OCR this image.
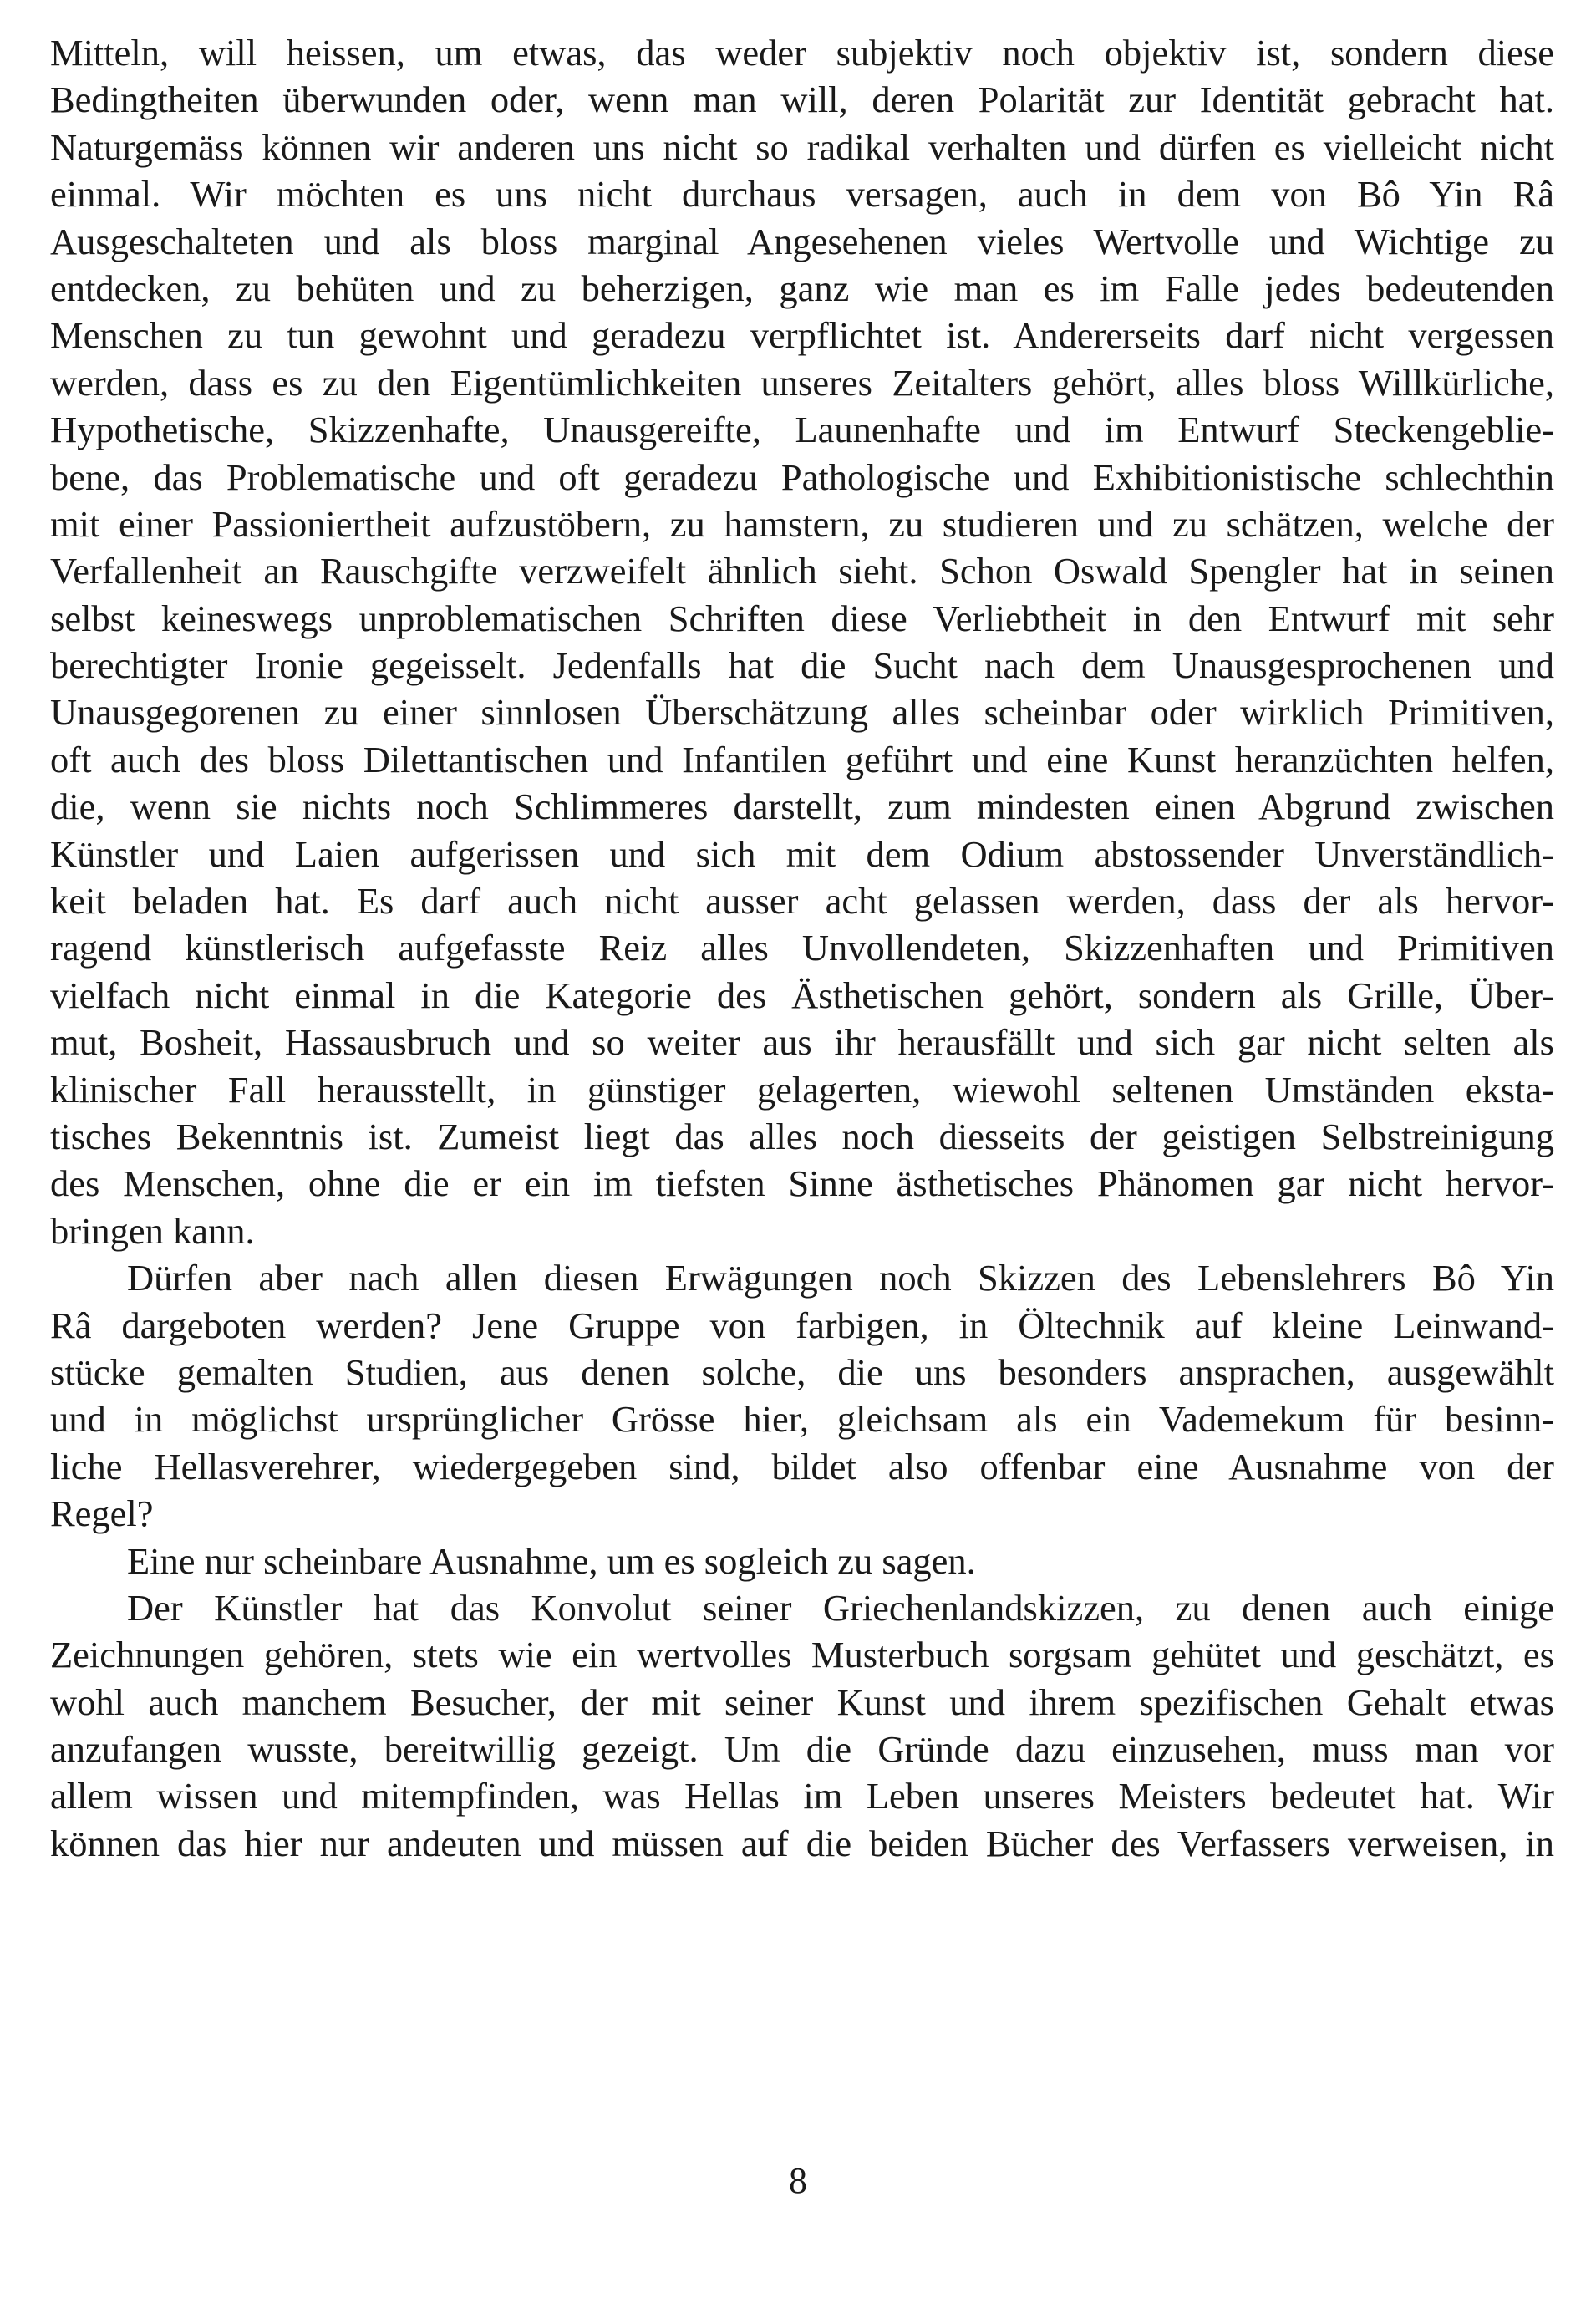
Mitteln, will heissen, um etwas, das weder subjektiv noch objektiv ist, sondern diese
Bedingtheiten überwunden oder, wenn man will, deren Polarität zur Identität gebracht hat.
Naturgemäss können wir anderen uns nicht so radikal verhalten und dürfen es vielleicht nicht
einmal. Wir möchten es uns nicht durchaus versagen, auch in dem von Bô Yin Râ
Ausgeschalteten und als bloss marginal Angesehenen vieles Wertvolle und Wichtige zu
entdecken, zu behüten und zu beherzigen, ganz wie man es im Falle jedes bedeutenden
Menschen zu tun gewohnt und geradezu verpflichtet ist. Andererseits darf nicht vergessen
werden, dass es zu den Eigentümlichkeiten unseres Zeitalters gehört, alles bloss Willkürliche,
Hypothetische, Skizzenhafte, Unausgereifte, Launenhafte und im Entwurf Steckengeblie-
bene, das Problematische und oft geradezu Pathologische und Exhibitionistische schlechthin
mit einer Passioniertheit aufzustöbern, zu hamstern, zu studieren und zu schätzen, welche der
Verfallenheit an Rauschgifte verzweifelt ähnlich sieht. Schon Oswald Spengler hat in seinen
selbst keineswegs unproblematischen Schriften diese Verliebtheit in den Entwurf mit sehr
berechtigter Ironie gegeisselt. Jedenfalls hat die Sucht nach dem Unausgesprochenen und
Unausgegorenen zu einer sinnlosen Überschätzung alles scheinbar oder wirklich Primitiven,
oft auch des bloss Dilettantischen und Infantilen geführt und eine Kunst heranzüchten helfen,
die, wenn sie nichts noch Schlimmeres darstellt, zum mindesten einen Abgrund zwischen
Künstler und Laien aufgerissen und sich mit dem Odium abstossender Unverständlich-
keit beladen hat. Es darf auch nicht ausser acht gelassen werden, dass der als hervor-
ragend künstlerisch aufgefasste Reiz alles Unvollendeten, Skizzenhaften und Primitiven
vielfach nicht einmal in die Kategorie des Ästhetischen gehört, sondern als Grille, Über-
mut, Bosheit, Hassausbruch und so weiter aus ihr herausfällt und sich gar nicht selten als
klinischer Fall herausstellt, in günstiger gelagerten, wiewohl seltenen Umständen eksta-
tisches Bekenntnis ist. Zumeist liegt das alles noch diesseits der geistigen Selbstreinigung
des Menschen, ohne die er ein im tiefsten Sinne ästhetisches Phänomen gar nicht hervor-
bringen kann.
Dürfen aber nach allen diesen Erwägungen noch Skizzen des Lebenslehrers Bô Yin
Râ dargeboten werden? Jene Gruppe von farbigen, in Öltechnik auf kleine Leinwand-
stücke gemalten Studien, aus denen solche, die uns besonders ansprachen, ausgewählt
und in möglichst ursprünglicher Grösse hier, gleichsam als ein Vademekum für besinn-
liche Hellasverehrer, wiedergegeben sind, bildet also offenbar eine Ausnahme von der
Regel?
Eine nur scheinbare Ausnahme, um es sogleich zu sagen.
Der Künstler hat das Konvolut seiner Griechenlandskizzen, zu denen auch einige
Zeichnungen gehören, stets wie ein wertvolles Musterbuch sorgsam gehütet und geschätzt, es
wohl auch manchem Besucher, der mit seiner Kunst und ihrem spezifischen Gehalt etwas
anzufangen wusste, bereitwillig gezeigt. Um die Gründe dazu einzusehen, muss man vor
allem wissen und mitempfinden, was Hellas im Leben unseres Meisters bedeutet hat. Wir
können das hier nur andeuten und müssen auf die beiden Bücher des Verfassers verweisen, in
8
